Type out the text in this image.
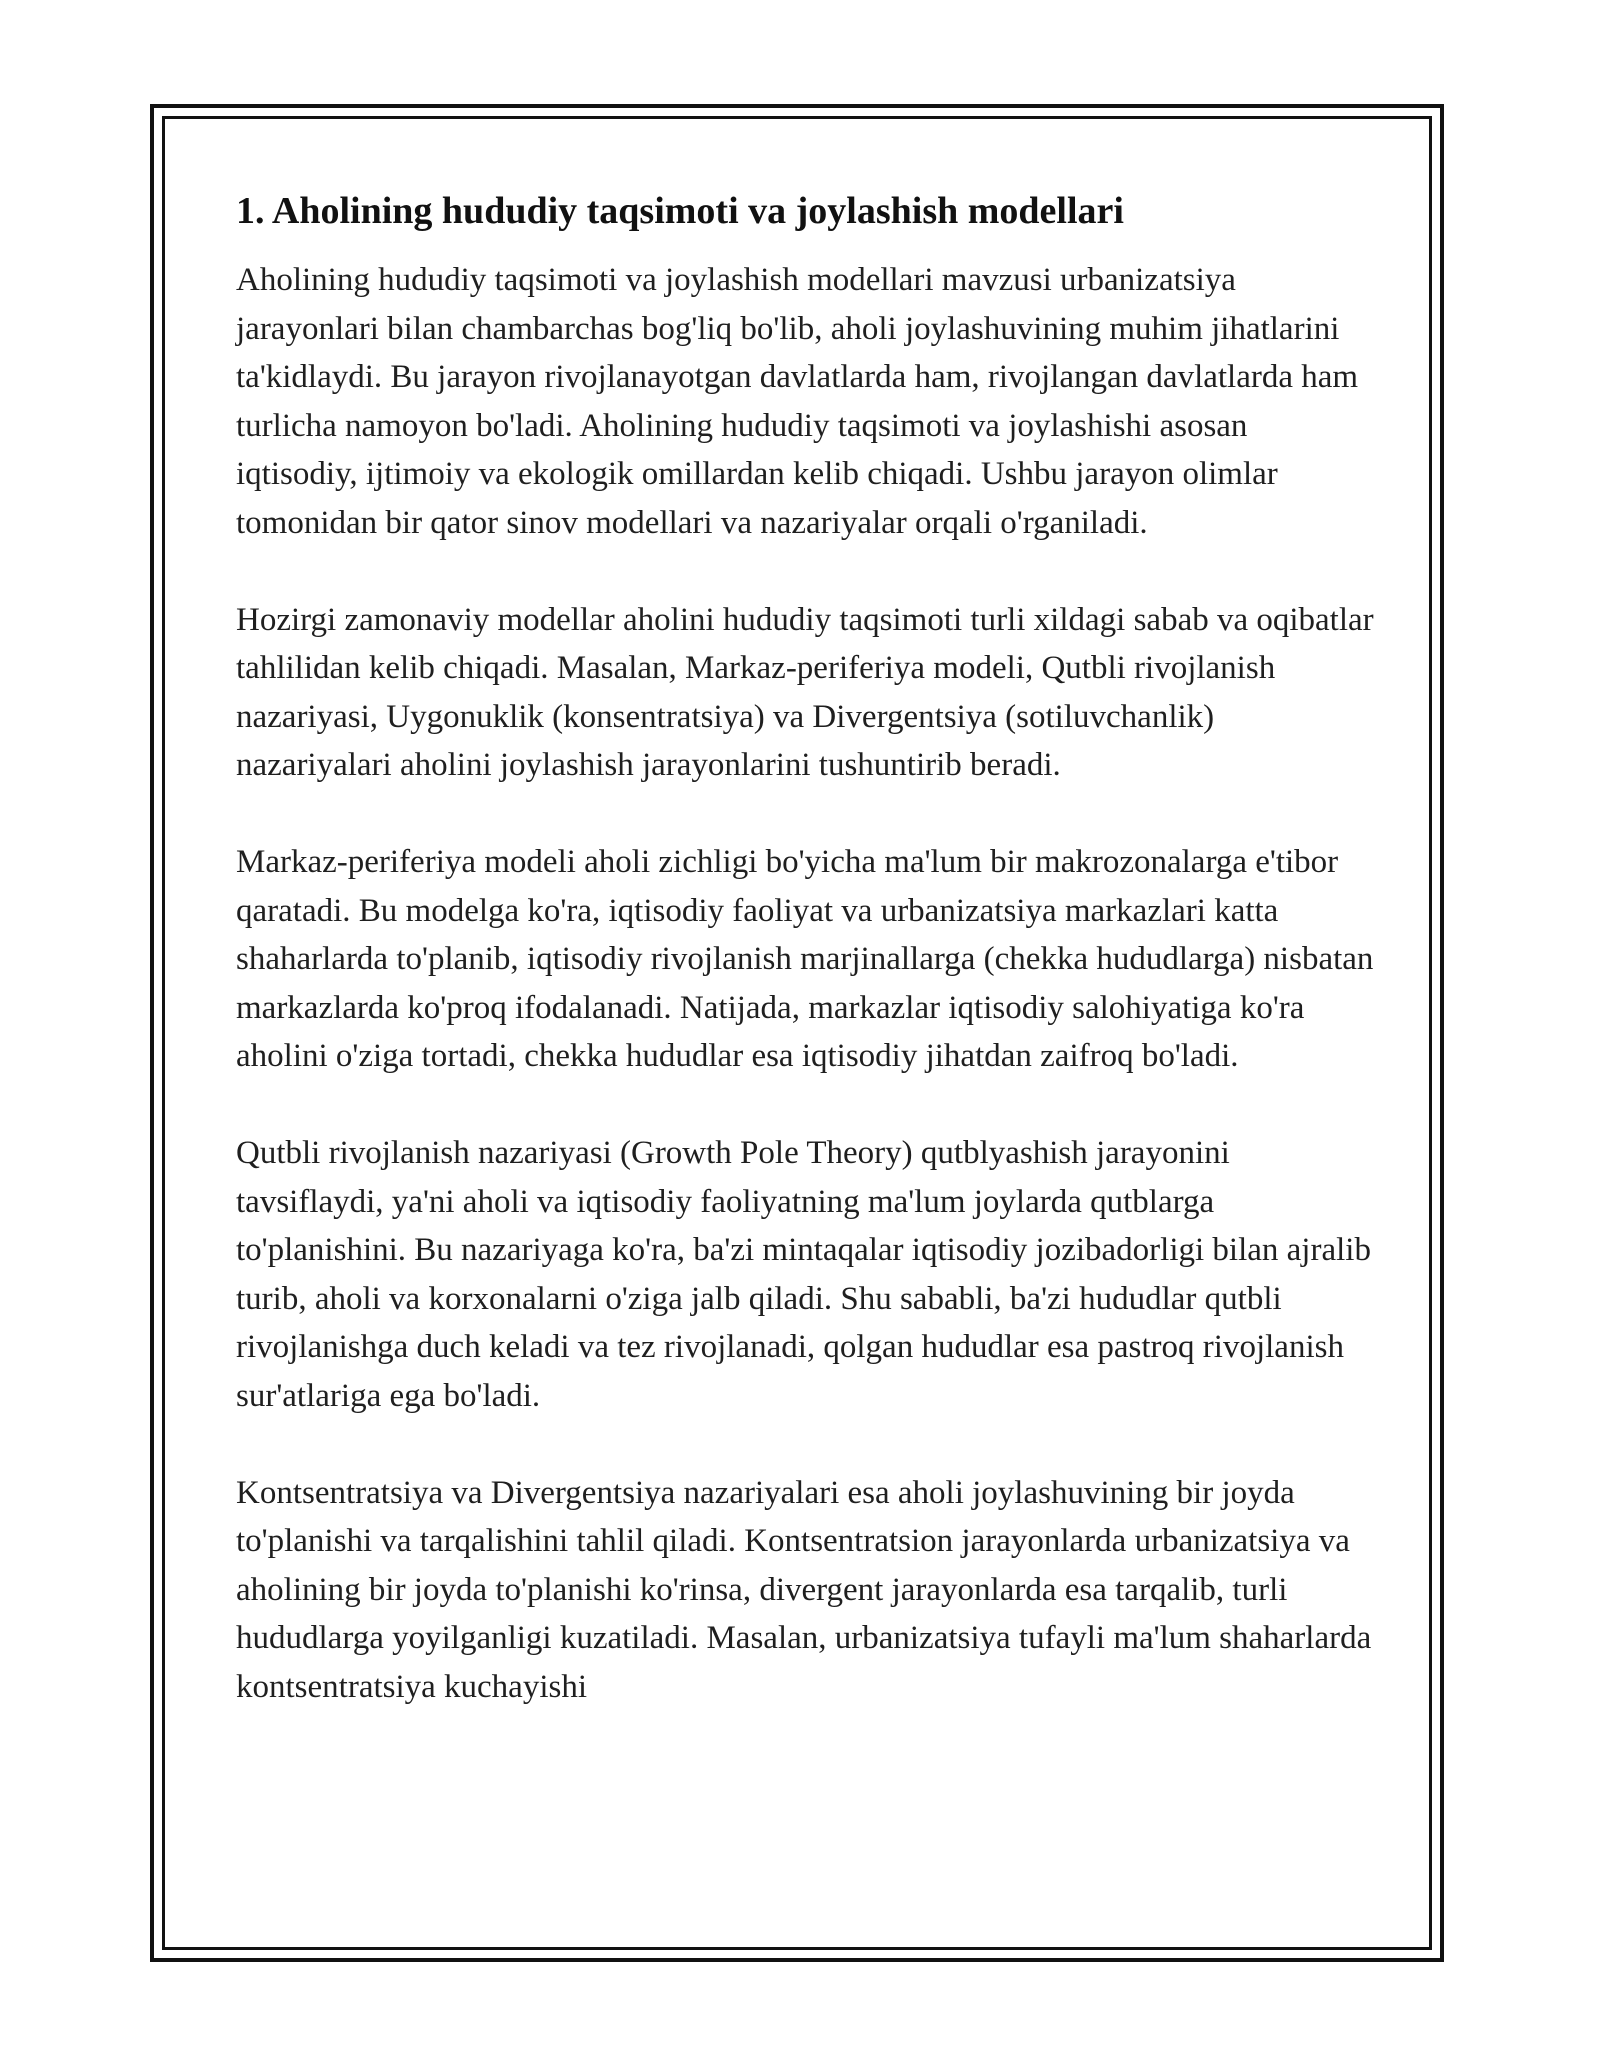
1. Aholining hududiy taqsimoti va joylashish modellari

Aholining hududiy taqsimoti va joylashish modellari mavzusi urbanizatsiya jarayonlari bilan chambarchas bog'liq bo'lib, aholi joylashuvining muhim jihatlarini ta'kidlaydi. Bu jarayon rivojlanayotgan davlatlarda ham, rivojlangan davlatlarda ham turlicha namoyon bo'ladi. Aholining hududiy taqsimoti va joylashishi asosan iqtisodiy, ijtimoiy va ekologik omillardan kelib chiqadi. Ushbu jarayon olimlar tomonidan bir qator sinov modellari va nazariyalar orqali o'rganiladi.

Hozirgi zamonaviy modellar aholini hududiy taqsimoti turli xildagi sabab va oqibatlar tahlilidan kelib chiqadi. Masalan, Markaz-periferiya modeli, Qutbli rivojlanish nazariyasi, Uygonuklik (konsentratsiya) va Divergentsiya (sotiluvchanlik) nazariyalari aholini joylashish jarayonlarini tushuntirib beradi.

Markaz-periferiya modeli aholi zichligi bo'yicha ma'lum bir makrozonalarga e'tibor qaratadi. Bu modelga ko'ra, iqtisodiy faoliyat va urbanizatsiya markazlari katta shaharlarda to'planib, iqtisodiy rivojlanish marjinallarga (chekka hududlarga) nisbatan markazlarda ko'proq ifodalanadi. Natijada, markazlar iqtisodiy salohiyatiga ko'ra aholini o'ziga tortadi, chekka hududlar esa iqtisodiy jihatdan zaifroq bo'ladi.

Qutbli rivojlanish nazariyasi (Growth Pole Theory) qutblyashish jarayonini tavsiflaydi, ya'ni aholi va iqtisodiy faoliyatning ma'lum joylarda qutblarga to'planishini. Bu nazariyaga ko'ra, ba'zi mintaqalar iqtisodiy jozibadorligi bilan ajralib turib, aholi va korxonalarni o'ziga jalb qiladi. Shu sababli, ba'zi hududlar qutbli rivojlanishga duch keladi va tez rivojlanadi, qolgan hududlar esa pastroq rivojlanish sur'atlariga ega bo'ladi.

Kontsentratsiya va Divergentsiya nazariyalari esa aholi joylashuvining bir joyda to'planishi va tarqalishini tahlil qiladi. Kontsentratsion jarayonlarda urbanizatsiya va aholining bir joyda to'planishi ko'rinsa, divergent jarayonlarda esa tarqalib, turli hududlarga yoyilganligi kuzatiladi. Masalan, urbanizatsiya tufayli ma'lum shaharlarda kontsentratsiya kuchayishi
